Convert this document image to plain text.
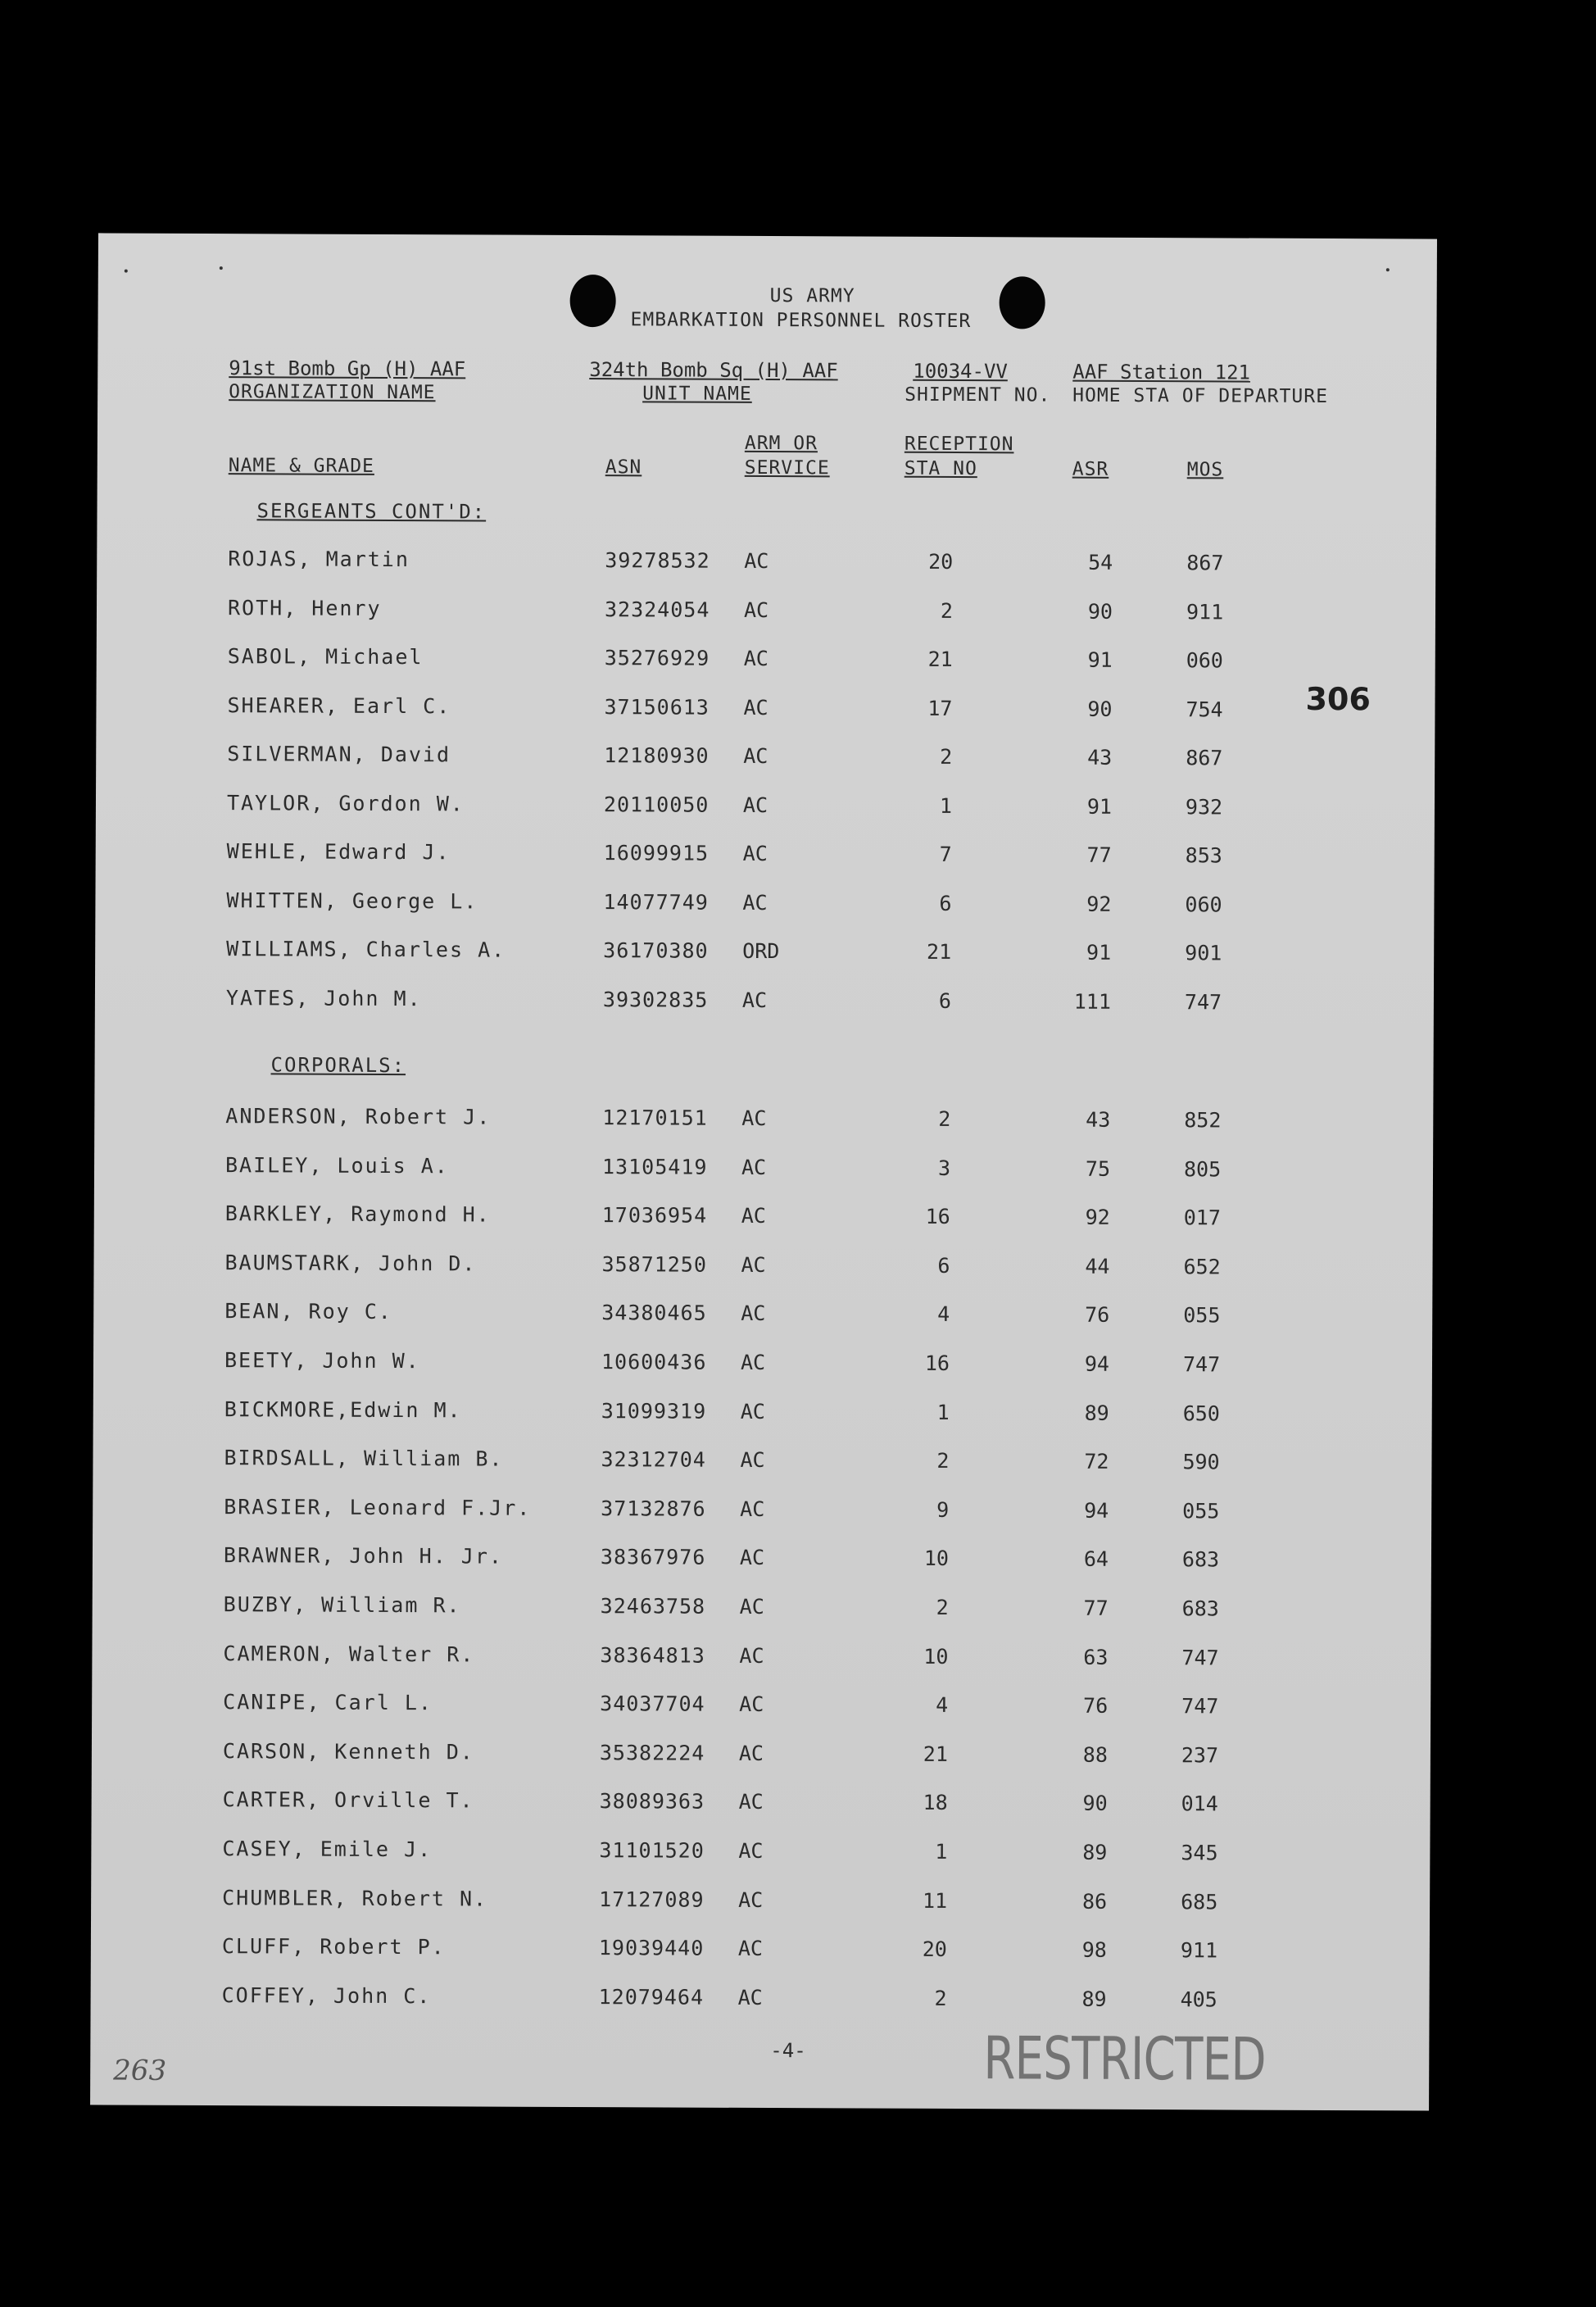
US ARMY
EMBARKATION PERSONNEL ROSTER
91st Bomb Gp (H) AAF
ORGANIZATION NAME
324th Bomb Sq (H) AAF
UNIT NAME
10034-VV
SHIPMENT NO.
AAF Station 121
HOME STA OF DEPARTURE
NAME & GRADE	ASN
ARM OR
SERVICE
RECEPTION
STA NO	ASR	MOS
SERGEANTS CONT'D:
CORPORALS:
ROJAS, Martin	39278532 AC	20	54	867
ROTH, Henry	32324054 AC	2	90	911
SABOL, Michael	35276929 AC	21	91	060
SHEARER, Earl C.	37150613 AC	17	90	754
SILVERMAN, David	12180930 AC	2	43	867
TAYLOR, Gordon W.	20110050 AC	1	91	932
WEHLE, Edward J.	16099915 AC	7	77	853
WHITTEN, George L.	14077749 AC	6	92	060
WILLIAMS, Charles A.	36170380 ORD	21	91	901
YATES, John M.	39302835 AC	6	111	747
ANDERSON, Robert J.	12170151 AC	2	43	852
BAILEY, Louis A.	13105419 AC	3	75	805
BARKLEY, Raymond H.	17036954 AC	16	92	017
BAUMSTARK, John D.	35871250 AC	6	44	652
BEAN, Roy C.	34380465 AC	4	76	055
BEETY, John W.	10600436 AC	16	94	747
BICKMORE,Edwin M.	31099319 AC	1	89	650
BIRDSALL, William B.	32312704 AC	2	72	590
BRASIER, Leonard F.Jr.	37132876 AC	9	94	055
BRAWNER, John H. Jr.	38367976 AC	10	64	683
BUZBY, William R.	32463758 AC	2	77	683
CAMERON, Walter R.	38364813 AC	10	63	747
CANIPE, Carl L.	34037704 AC	4	76	747
CARSON, Kenneth D.	35382224 AC	21	88	237
CARTER, Orville T.	38089363 AC	18	90	014
CASEY, Emile J.	31101520 AC	1	89	345
CHUMBLER, Robert N.	17127089 AC	11	86	685
CLUFF, Robert P.	19039440 AC	20	98	911
COFFEY, John C.	12079464 AC	2	89	405
306
-4-	RESTRICTED
263
